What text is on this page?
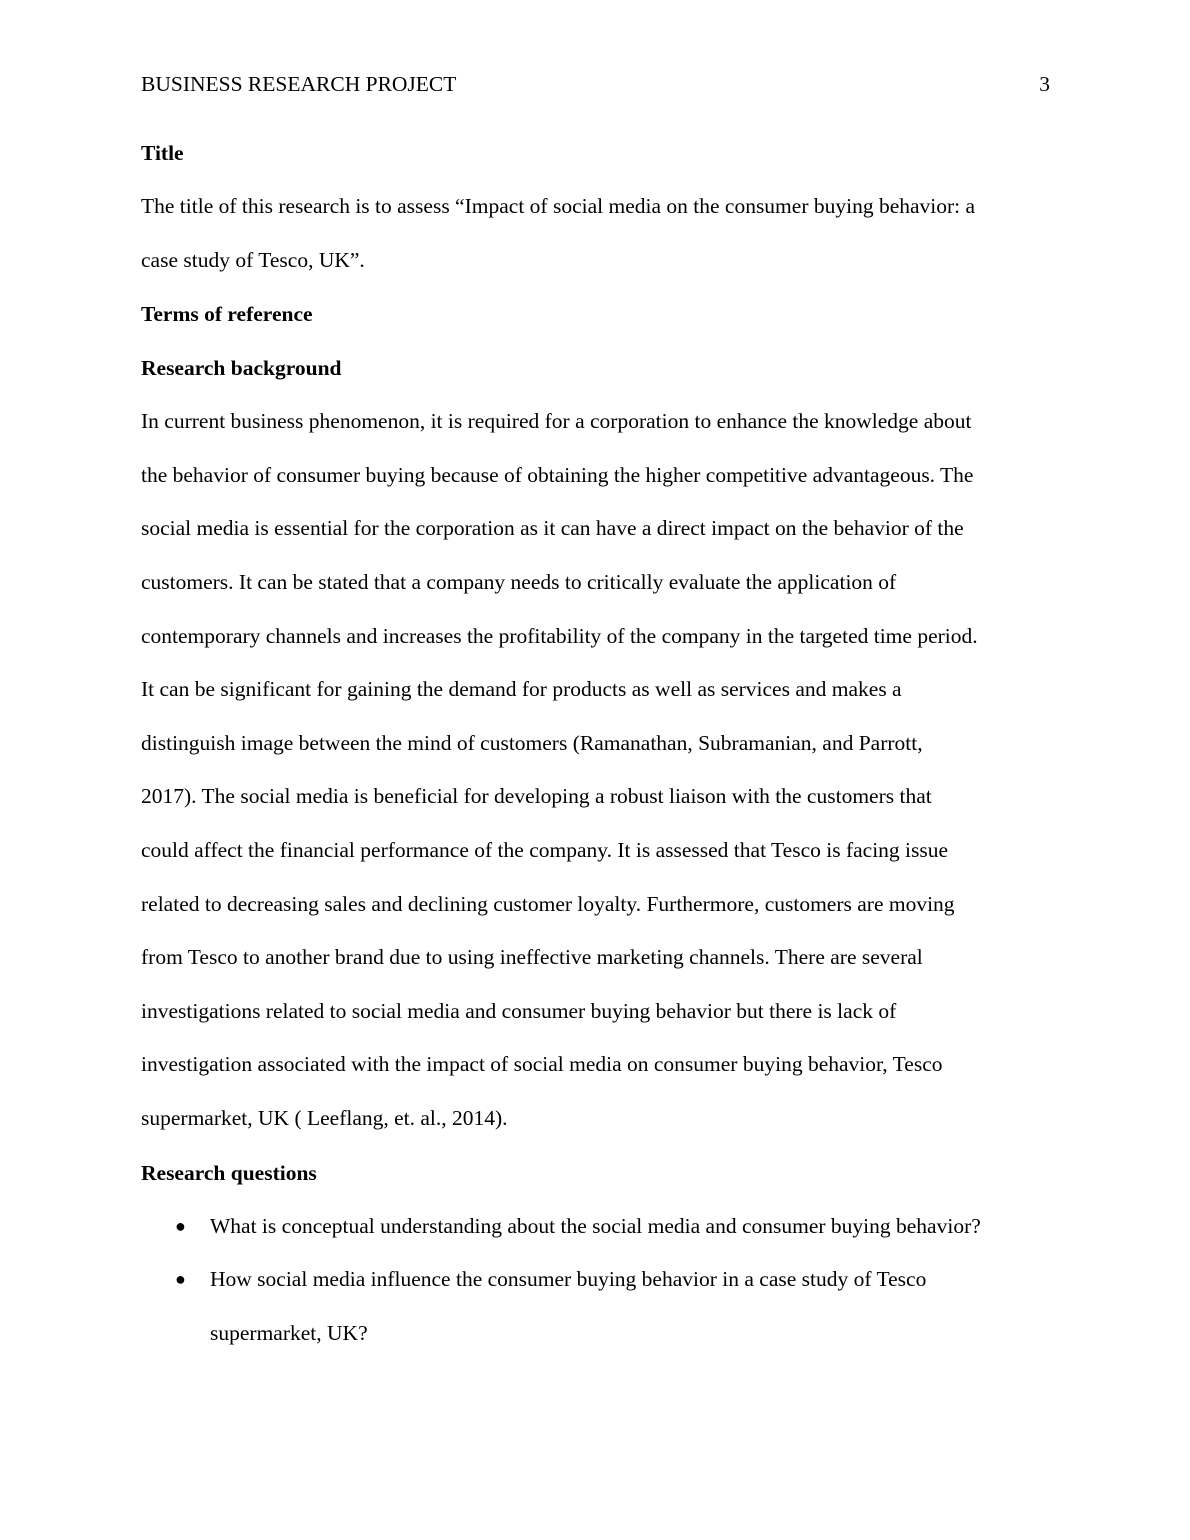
BUSINESS RESEARCH PROJECT	3
Title

The title of this research is to assess “Impact of social media on the consumer buying behavior: a
case study of Tesco, UK”.

Terms of reference
Research background

In current business phenomenon, it is required for a corporation to enhance the knowledge about
the behavior of consumer buying because of obtaining the higher competitive advantageous. The
social media is essential for the corporation as it can have a direct impact on the behavior of the
customers. It can be stated that a company needs to critically evaluate the application of
contemporary channels and increases the profitability of the company in the targeted time period.
It can be significant for gaining the demand for products as well as services and makes a
distinguish image between the mind of customers (Ramanathan, Subramanian, and Parrott,
2017). The social media is beneficial for developing a robust liaison with the customers that
could affect the financial performance of the company. It is assessed that Tesco is facing issue
related to decreasing sales and declining customer loyalty. Furthermore, customers are moving
from Tesco to another brand due to using ineffective marketing channels. There are several
investigations related to social media and consumer buying behavior but there is lack of
investigation associated with the impact of social media on consumer buying behavior, Tesco
supermarket, UK ( Leeflang, et. al., 2014).

Research questions
● What is conceptual understanding about the social media and consumer buying behavior?
● How social media influence the consumer buying behavior in a case study of Tesco
supermarket, UK?
